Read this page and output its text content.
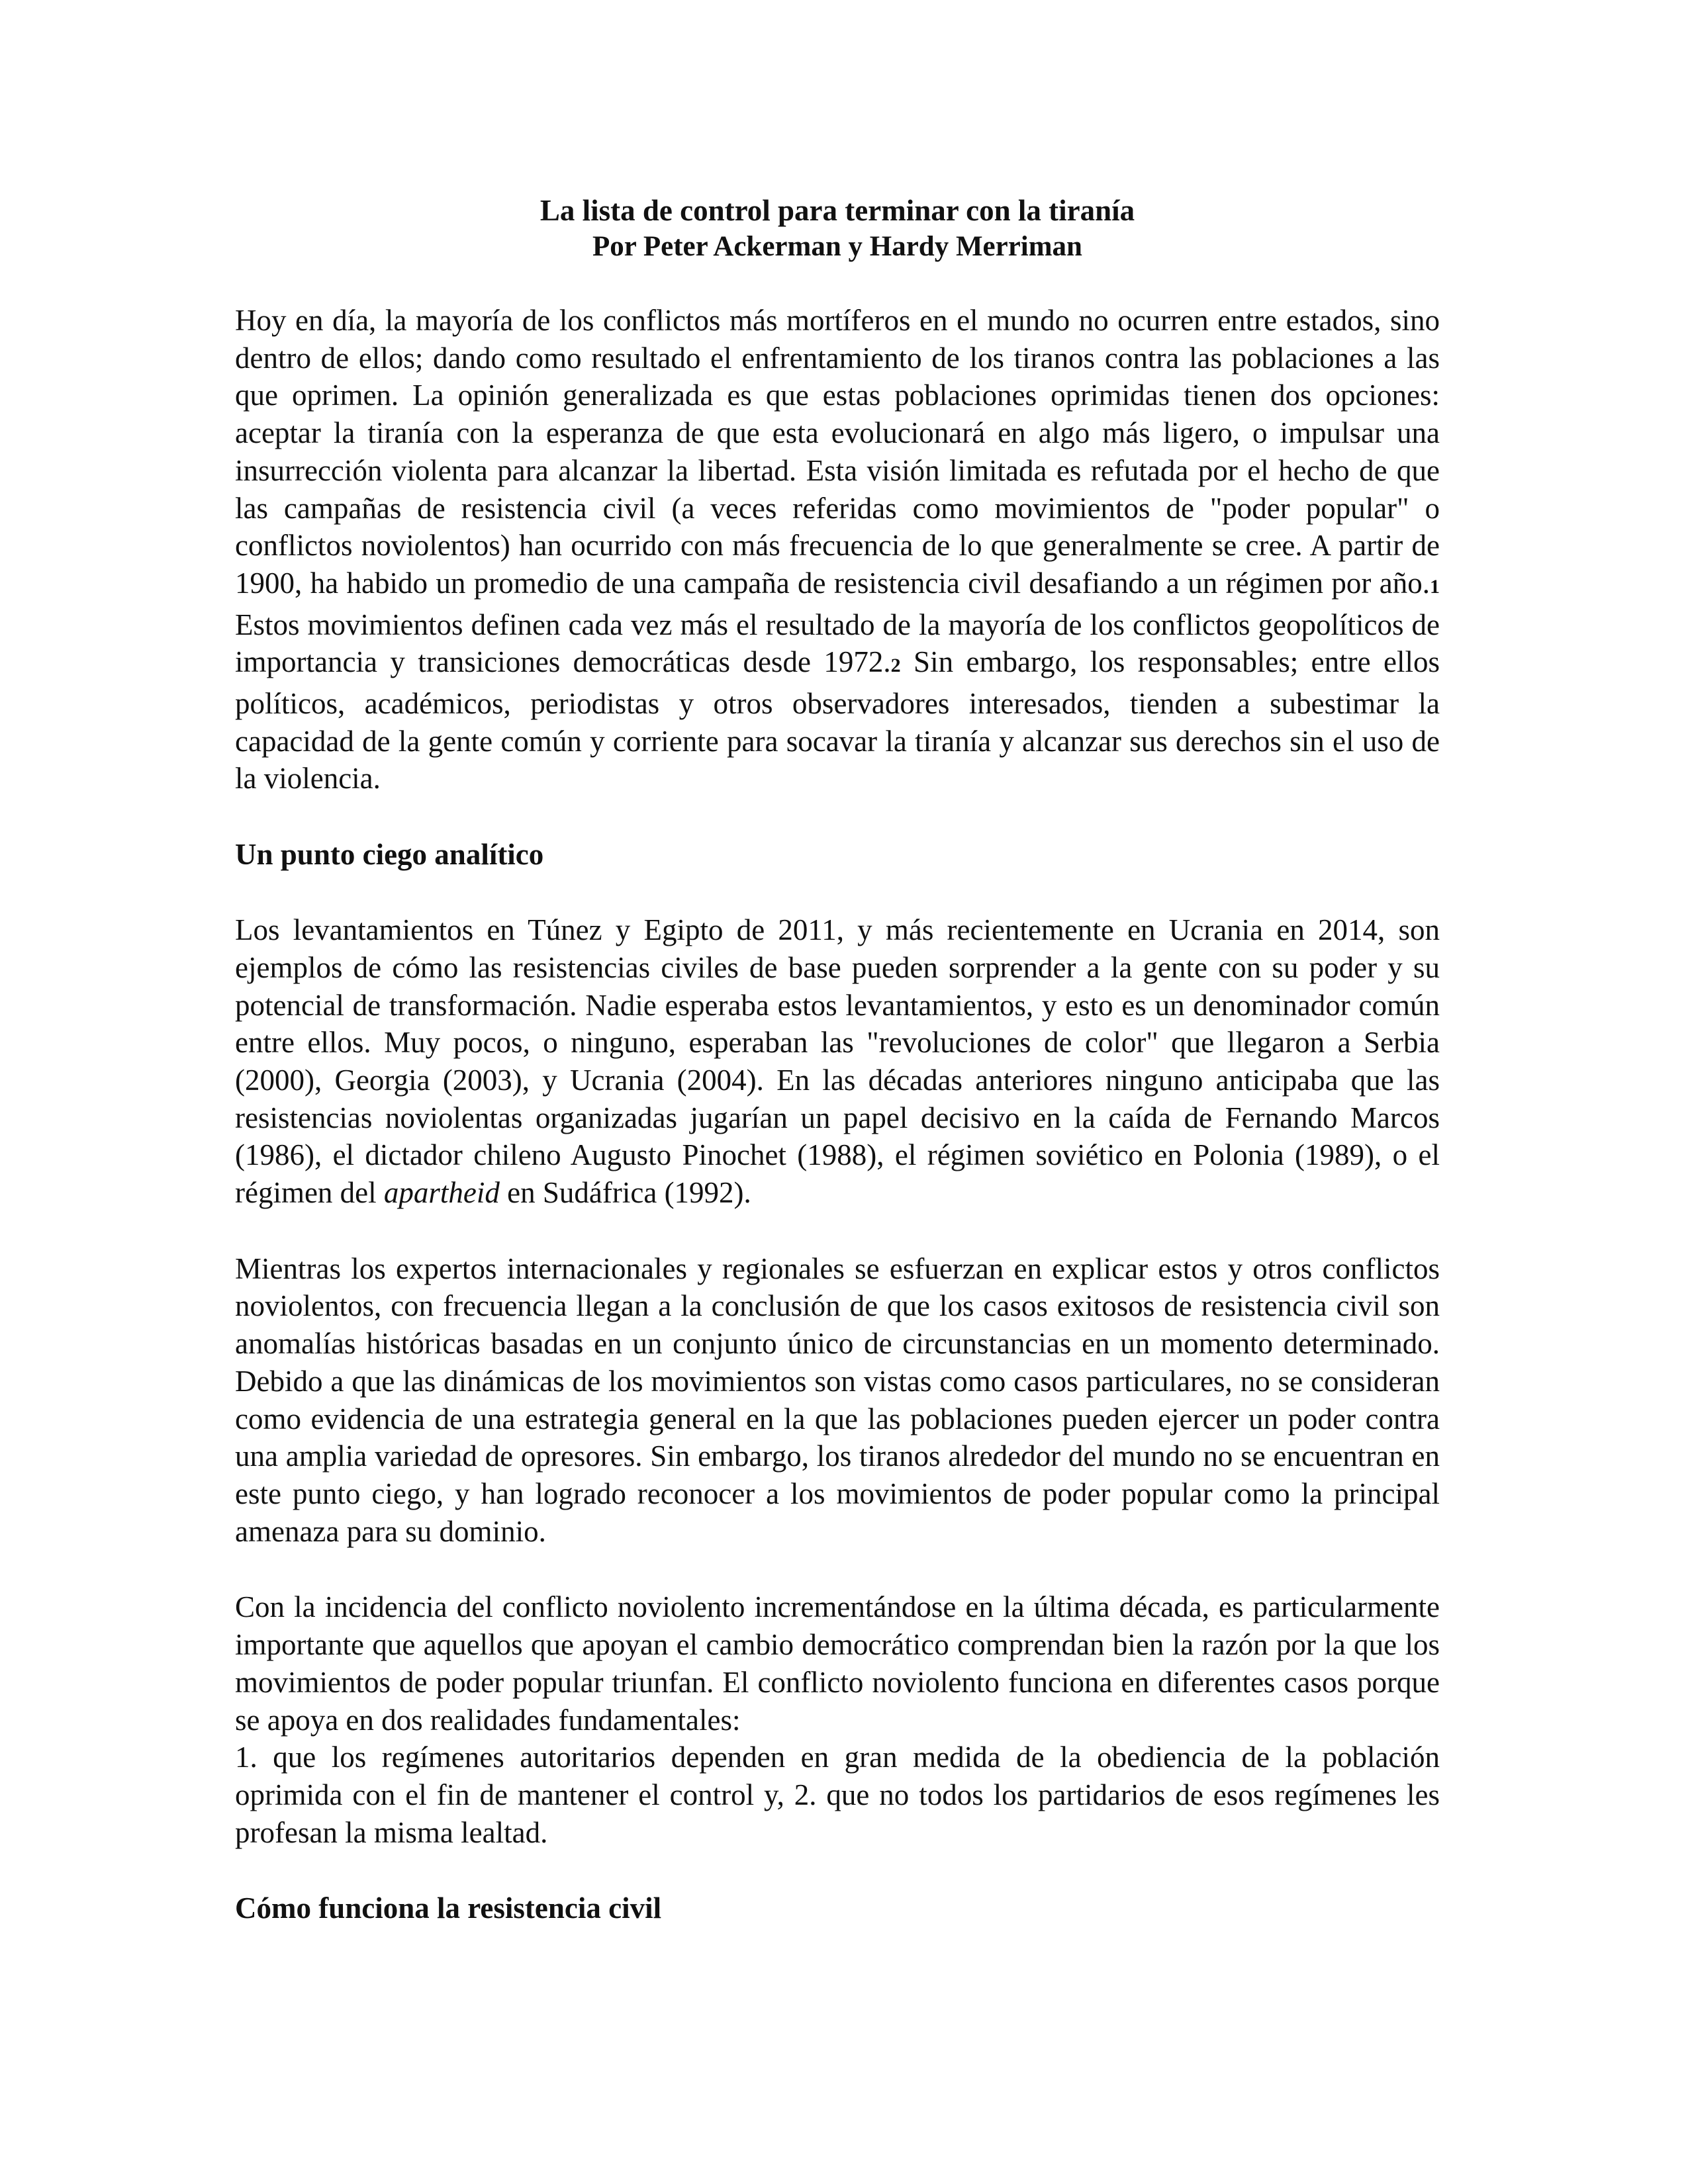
La lista de control para terminar con la tiranía
Por Peter Ackerman y Hardy Merriman

Hoy en día, la mayoría de los conflictos más mortíferos en el mundo no ocurren entre estados, sino dentro de ellos; dando como resultado el enfrentamiento de los tiranos contra las poblaciones a las que oprimen. La opinión generalizada es que estas poblaciones oprimidas tienen dos opciones: aceptar la tiranía con la esperanza de que esta evolucionará en algo más ligero, o impulsar una insurrección violenta para alcanzar la libertad. Esta visión limitada es refutada por el hecho de que las campañas de resistencia civil (a veces referidas como movimientos de "poder popular" o conflictos noviolentos) han ocurrido con más frecuencia de lo que generalmente se cree. A partir de 1900, ha habido un promedio de una campaña de resistencia civil desafiando a un régimen por año.1 Estos movimientos definen cada vez más el resultado de la mayoría de los conflictos geopolíticos de importancia y transiciones democráticas desde 1972.2 Sin embargo, los responsables; entre ellos políticos, académicos, periodistas y otros observadores interesados, tienden a subestimar la capacidad de la gente común y corriente para socavar la tiranía y alcanzar sus derechos sin el uso de la violencia.

Un punto ciego analítico

Los levantamientos en Túnez y Egipto de 2011, y más recientemente en Ucrania en 2014, son ejemplos de cómo las resistencias civiles de base pueden sorprender a la gente con su poder y su potencial de transformación. Nadie esperaba estos levantamientos, y esto es un denominador común entre ellos. Muy pocos, o ninguno, esperaban las "revoluciones de color" que llegaron a Serbia (2000), Georgia (2003), y Ucrania (2004). En las décadas anteriores ninguno anticipaba que las resistencias noviolentas organizadas jugarían un papel decisivo en la caída de Fernando Marcos (1986), el dictador chileno Augusto Pinochet (1988), el régimen soviético en Polonia (1989), o el régimen del apartheid en Sudáfrica (1992).

Mientras los expertos internacionales y regionales se esfuerzan en explicar estos y otros conflictos noviolentos, con frecuencia llegan a la conclusión de que los casos exitosos de resistencia civil son anomalías históricas basadas en un conjunto único de circunstancias en un momento determinado. Debido a que las dinámicas de los movimientos son vistas como casos particulares, no se consideran como evidencia de una estrategia general en la que las poblaciones pueden ejercer un poder contra una amplia variedad de opresores. Sin embargo, los tiranos alrededor del mundo no se encuentran en este punto ciego, y han logrado reconocer a los movimientos de poder popular como la principal amenaza para su dominio.

Con la incidencia del conflicto noviolento incrementándose en la última década, es particularmente importante que aquellos que apoyan el cambio democrático comprendan bien la razón por la que los movimientos de poder popular triunfan. El conflicto noviolento funciona en diferentes casos porque se apoya en dos realidades fundamentales:

1. que los regímenes autoritarios dependen en gran medida de la obediencia de la población oprimida con el fin de mantener el control y, 2. que no todos los partidarios de esos regímenes les profesan la misma lealtad.

Cómo funciona la resistencia civil
